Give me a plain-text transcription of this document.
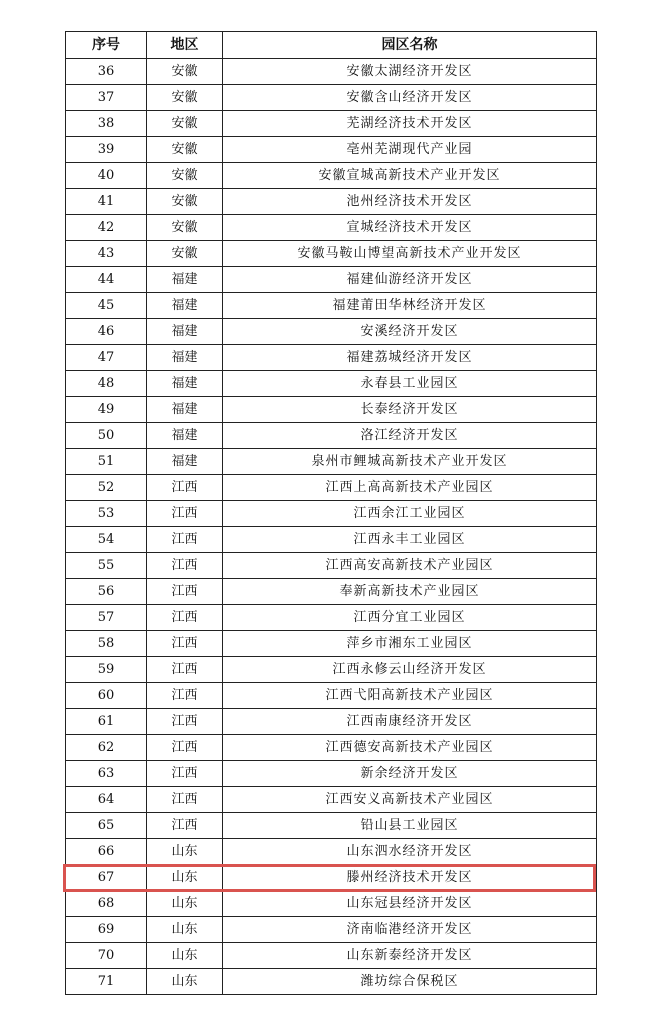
序号	地区	园区名称
36	安徽	安徽太湖经济开发区
37	安徽	安徽含山经济开发区
38	安徽	芜湖经济技术开发区
39	安徽	亳州芜湖现代产业园
40	安徽	安徽宣城高新技术产业开发区
41	安徽	池州经济技术开发区
42	安徽	宣城经济技术开发区
43	安徽	安徽马鞍山博望高新技术产业开发区
44	福建	福建仙游经济开发区
45	福建	福建莆田华林经济开发区
46	福建	安溪经济开发区
47	福建	福建荔城经济开发区
48	福建	永春县工业园区
49	福建	长泰经济开发区
50	福建	洛江经济开发区
51	福建	泉州市鲤城高新技术产业开发区
52	江西	江西上高高新技术产业园区
53	江西	江西余江工业园区
54	江西	江西永丰工业园区
55	江西	江西高安高新技术产业园区
56	江西	奉新高新技术产业园区
57	江西	江西分宜工业园区
58	江西	萍乡市湘东工业园区
59	江西	江西永修云山经济开发区
60	江西	江西弋阳高新技术产业园区
61	江西	江西南康经济开发区
62	江西	江西德安高新技术产业园区
63	江西	新余经济开发区
64	江西	江西安义高新技术产业园区
65	江西	铅山县工业园区
66	山东	山东泗水经济开发区
67	山东	滕州经济技术开发区
68	山东	山东冠县经济开发区
69	山东	济南临港经济开发区
70	山东	山东新泰经济开发区
71	山东	潍坊综合保税区
